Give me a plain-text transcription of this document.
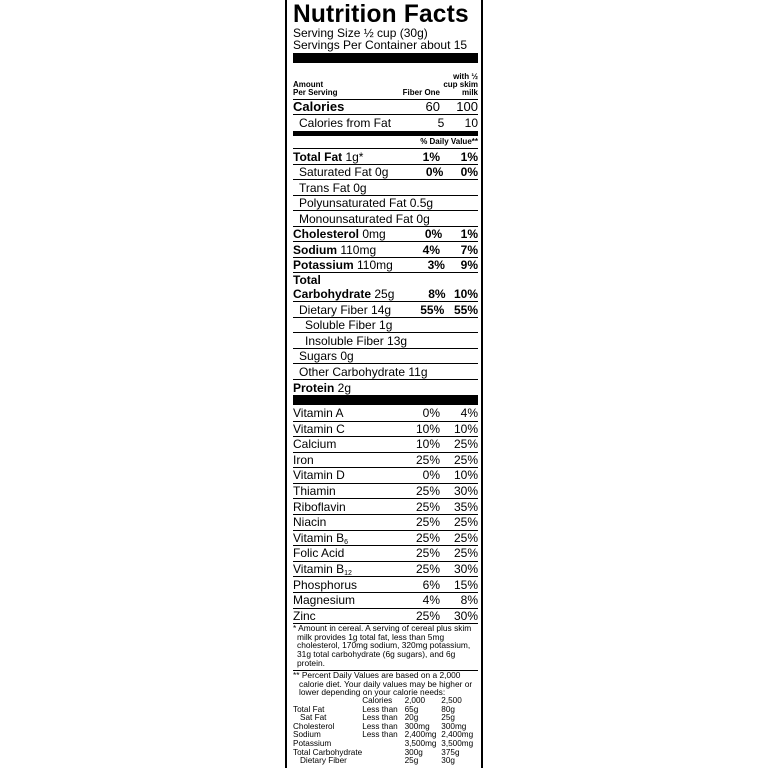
Nutrition Facts
Serving Size ½ cup (30g)
Servings Per Container about 15
Amount
Per Serving	Fiber One
with ½
cup skim
milk
Calories	60	100
Calories from Fat	5	10
% Daily Value**
Total Fat 1g*	1%	1%
Saturated Fat 0g	0%	0%
Trans Fat 0g
Polyunsaturated Fat 0.5g
Monounsaturated Fat 0g
Cholesterol 0mg	0%	1%
Sodium 110mg	4%	7%
Potassium 110mg	3%	9%
Total
Carbohydrate 25g	8% 10%
Dietary Fiber 14g	55% 55%
Soluble Fiber 1g
Insoluble Fiber 13g
Sugars 0g
Other Carbohydrate 11g
Protein 2g
Vitamin A	0%	4%
Vitamin C	10%	10%
Calcium	10%	25%
Iron	25%	25%
Vitamin D	0%	10%
Thiamin	25%	30%
Riboflavin	25%	35%
Niacin	25%	25%
Vitamin $B_6$	25%	25%
Folic Acid	25%	25%
Vitamin $B_{12}$	25%	30%
Phosphorus	6%	15%
Magnesium	4%	8%
Zinc	25%	30%

* Amount in cereal. A serving of cereal plus skim milk provides 1g total fat, less than 5mg cholesterol, 170mg sodium, 320mg potassium, 31g total carbohydrate (6g sugars), and 6g protein.

** Percent Daily Values are based on a 2,000 calorie diet. Your daily values may be higher or lower depending on your calorie needs:

	Calories	2,000	2,500
Total Fat	Less than	65g	80g
Sat Fat	Less than	20g	25g
Cholesterol	Less than	300mg	300mg
Sodium	Less than	2,400mg	2,400mg
Potassium		3,500mg	3,500mg
Total Carbohydrate		300g	375g
Dietary Fiber		25g	30g
